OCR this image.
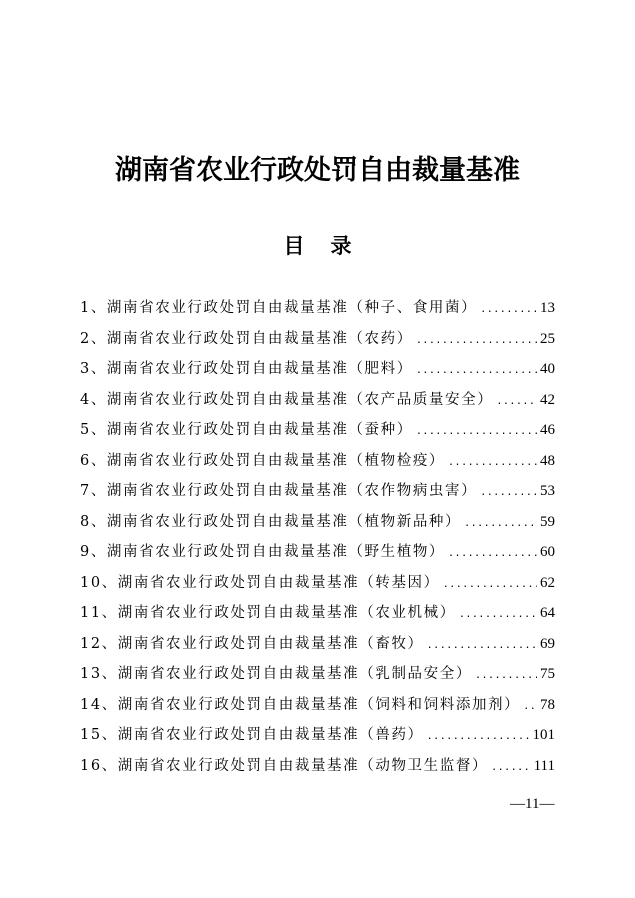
湖南省农业行政处罚自由裁量基准
目 录
1、湖南省农业行政处罚自由裁量基准（种子、食用菌） .....	13
2、湖南省农业行政处罚自由裁量基准（农药） .....	25
3、湖南省农业行政处罚自由裁量基准（肥料） .....	40
4、湖南省农业行政处罚自由裁量基准（农产品质量安全） .....	42
5、湖南省农业行政处罚自由裁量基准（蚕种） .....	46
6、湖南省农业行政处罚自由裁量基准（植物检疫） .....	48
7、湖南省农业行政处罚自由裁量基准（农作物病虫害） .....	53
8、湖南省农业行政处罚自由裁量基准（植物新品种） .....	59
9、湖南省农业行政处罚自由裁量基准（野生植物） .....	60
10、湖南省农业行政处罚自由裁量基准（转基因） .....	62
11、湖南省农业行政处罚自由裁量基准（农业机械） .....	64
12、湖南省农业行政处罚自由裁量基准（畜牧） .....	69
13、湖南省农业行政处罚自由裁量基准（乳制品安全） .....	75
14、湖南省农业行政处罚自由裁量基准（饲料和饲料添加剂） ..... 78
15、湖南省农业行政处罚自由裁量基准（兽药） .....	101
16、湖南省农业行政处罚自由裁量基准（动物卫生监督） .....	111
—11—
